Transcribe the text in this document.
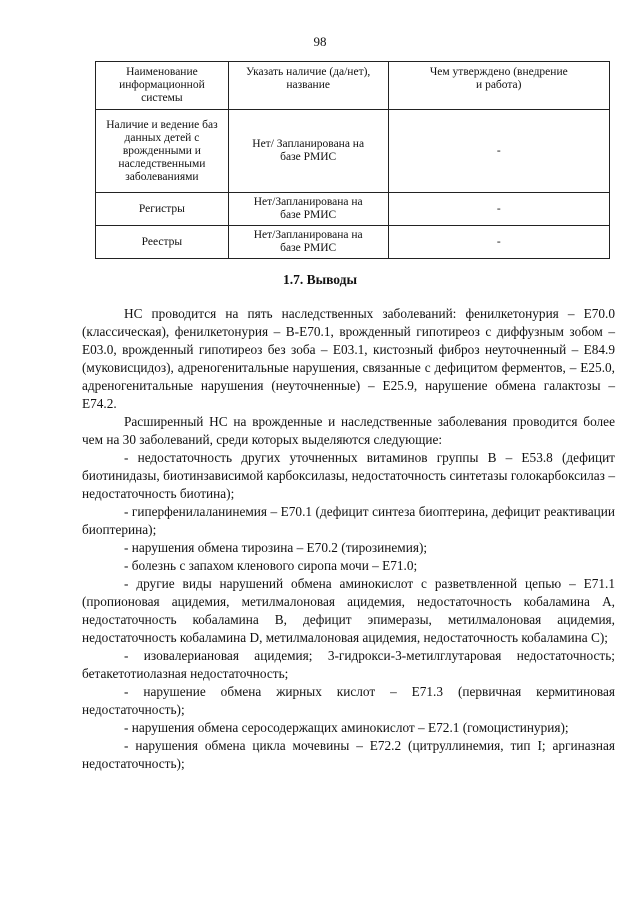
98
Наименование информационной системы	Указать наличие (да/нет), название	Чем утверждено (внедрение и работа)
Наличие и ведение баз данных детей с врожденными и наследственными заболеваниями	Нет/ Запланирована на базе РМИС	-
Регистры	Нет/Запланирована на базе РМИС	-
Реестры	Нет/Запланирована на базе РМИС	-
1.7. Выводы

НС проводится на пять наследственных заболеваний: фенилкетонурия – Е70.0 (классическая), фенилкетонурия – В-Е70.1, врожденный гипотиреоз с диффузным зобом – Е03.0, врожденный гипотиреоз без зоба – Е03.1, кистозный фиброз неуточненный – Е84.9 (муковисцидоз), адреногенитальные нарушения, связанные с дефицитом ферментов, – Е25.0, адреногенитальные нарушения (неуточненные) – Е25.9, нарушение обмена галактозы – Е74.2.

Расширенный НС на врожденные и наследственные заболевания проводится более чем на 30 заболеваний, среди которых выделяются следующие:

- недостаточность других уточненных витаминов группы В – Е53.8 (дефицит биотинидазы, биотинзависимой карбоксилазы, недостаточность синтетазы голокарбоксилаз – недостаточность биотина);

- гиперфенилаланинемия – Е70.1 (дефицит синтеза биоптерина, дефицит реактивации биоптерина);

- нарушения обмена тирозина – Е70.2 (тирозинемия);

- болезнь с запахом кленового сиропа мочи – Е71.0;

- другие виды нарушений обмена аминокислот с разветвленной цепью – Е71.1 (пропионовая ацидемия, метилмалоновая ацидемия, недостаточность кобаламина А, недостаточность кобаламина В, дефицит эпимеразы, метилмалоновая ацидемия, недостаточность кобаламина D, метилмалоновая ацидемия, недостаточность кобаламина С);

- изовалериановая ацидемия; 3-гидрокси-3-метилглутаровая недостаточность; бетакетотиолазная недостаточность;

- нарушение обмена жирных кислот – Е71.3 (первичная кермитиновая недостаточность);

- нарушения обмена серосодержащих аминокислот – Е72.1 (гомоцистинурия);

- нарушения обмена цикла мочевины – Е72.2 (цитруллинемия, тип I; аргиназная недостаточность);
